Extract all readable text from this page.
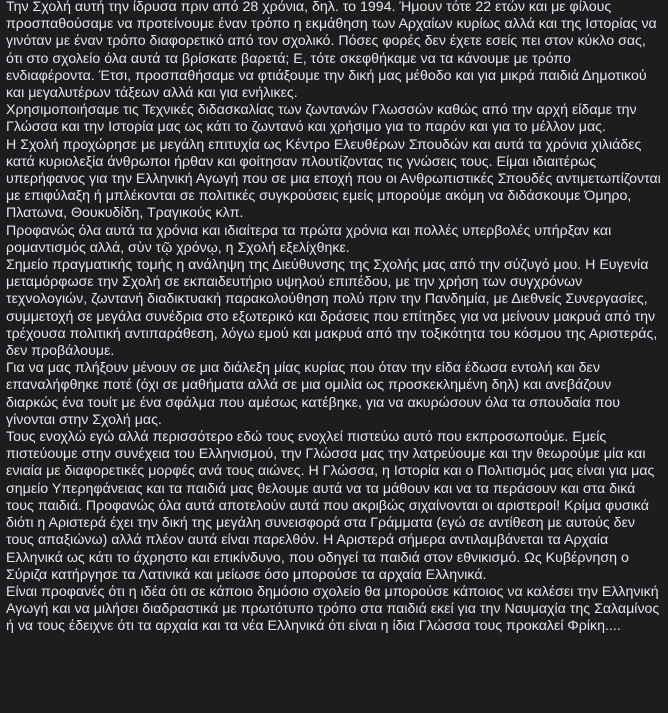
Την Σχολή αυτή την ίδρυσα πριν από 28 χρόνια, δηλ. το 1994. Ήμουν τότε 22 ετών και με φίλους προσπαθούσαμε να προτείνουμε έναν τρόπο η εκμάθηση των Αρχαίων κυρίως αλλά και της Ιστορίας να γινόταν με έναν τρόπο διαφορετικό από τον σχολικό. Πόσες φορές δεν έχετε εσείς πει στον κύκλο σας, ότι στο σχολείο όλα αυτά τα βρίσκατε βαρετά; Ε, τότε σκεφθήκαμε να τα κάνουμε με τρόπο ενδιαφέροντα. Έτσι, προσπαθήσαμε να φτιάξουμε την δική μας μέθοδο και για μικρά παιδιά Δημοτικού και μεγαλυτέρων τάξεων αλλά και για ενήλικες.

Χρησιμοποιήσαμε τις Τεχνικές διδασκαλίας των ζωντανών Γλωσσών καθώς από την αρχή είδαμε την Γλώσσα και την Ιστορία μας ως κάτι το ζωντανό και χρήσιμο για το παρόν και για το μέλλον μας.

Η Σχολή προχώρησε με μεγάλη επιτυχία ως Κέντρο Ελευθέρων Σπουδών και αυτά τα χρόνια χιλιάδες κατά κυριολεξία άνθρωποι ήρθαν και φοίτησαν πλουτίζοντας τις γνώσεις τους. Είμαι ιδιαιτέρως υπερήφανος για την Ελληνική Αγωγή που σε μια εποχή που οι Ανθρωπιστικές Σπουδές αντιμετωπίζονται με επιφύλαξη ή μπλέκονται σε πολιτικές συγκρούσεις εμείς μπορούμε ακόμη να διδάσκουμε Όμηρο, Πλατωνα, Θουκυδίδη, Τραγικούς κλπ.

Προφανώς όλα αυτά τα χρόνια και ιδιαίτερα τα πρώτα χρόνια και πολλές υπερβολές υπήρξαν και ρομαντισμός αλλά, σὺν τῷ χρόνῳ, η Σχολή εξελίχθηκε.

Σημείο πραγματικής τομής η ανάληψη της Διεύθυνσης της Σχολής μας από την σύζυγό μου. Η Ευγενία μεταμόρφωσε την Σχολή σε εκπαιδευτήριο υψηλού επιπέδου, με την χρήση των συγχρόνων τεχνολογιών, ζωντανή διαδικτυακή παρακολούθηση πολύ πριν την Πανδημία, με Διεθνείς Συνεργασίες, συμμετοχή σε μεγάλα συνέδρια στο εξωτερικό και δράσεις που επίτηδες για να μείνουν μακρυά από την τρέχουσα πολιτική αντιπαράθεση, λόγω εμού και μακρυά από την τοξικότητα του κόσμου της Αριστεράς, δεν προβάλουμε.

Για να μας πλήξουν μένουν σε μια διάλεξη μίας κυρίας που όταν την είδα έδωσα εντολή και δεν επαναλήφθηκε ποτέ (όχι σε μαθήματα αλλά σε μια ομιλία ως προσκεκλημένη δηλ) και ανεβάζουν διαρκώς ένα τουίτ με ένα σφάλμα που αμέσως κατέβηκε, για να ακυρώσουν όλα τα σπουδαία που γίνονται στην Σχολή μας.

Τους ενοχλώ εγώ αλλά περισσότερο εδώ τους ενοχλεί πιστεύω αυτό που εκπροσωπούμε. Εμείς πιστεύουμε στην συνέχεια του Ελληνισμού, την Γλώσσα μας την λατρεύουμε και την θεωρούμε μία και ενιαία με διαφορετικές μορφές ανά τους αιώνες. Η Γλώσσα, η Ιστορία και ο Πολιτισμός μας είναι για μας σημείο Υπερηφάνειας και τα παιδιά μας θελουμε αυτά να τα μάθουν και να τα περάσουν και στα δικά τους παιδιά. Προφανώς όλα αυτά αποτελούν αυτά που ακριβώς σιχαίνονται οι αριστεροί! Κρίμα φυσικά διότι η Αριστερά έχει την δική της μεγάλη συνεισφορά στα Γράμματα (εγώ σε αντίθεση με αυτούς δεν τους απαξιώνω) αλλά πλέον αυτά είναι παρελθόν. Η Αριστερά σήμερα αντιλαμβάνεται τα Αρχαία Ελληνικά ως κάτι το άχρηστο και επικίνδυνο, που οδηγεί τα παιδιά στον εθνικισμό. Ως Κυβέρνηση ο Σύριζα κατήργησε τα Λατινικά και μείωσε όσο μπορούσε τα αρχαία Ελληνικά.

Είναι προφανές ότι η ιδέα ότι σε κάποιο δημόσιο σχολείο θα μπορούσε κάποιος να καλέσει την Ελληνική Αγωγή και να μιλήσει διαδραστικά με πρωτότυπο τρόπο στα παιδιά εκεί για την Ναυμαχία της Σαλαμίνος ή να τους έδειχνε ότι τα αρχαία και τα νέα Ελληνικά ότι είναι η ίδια Γλώσσα τους προκαλεί Φρίκη....
